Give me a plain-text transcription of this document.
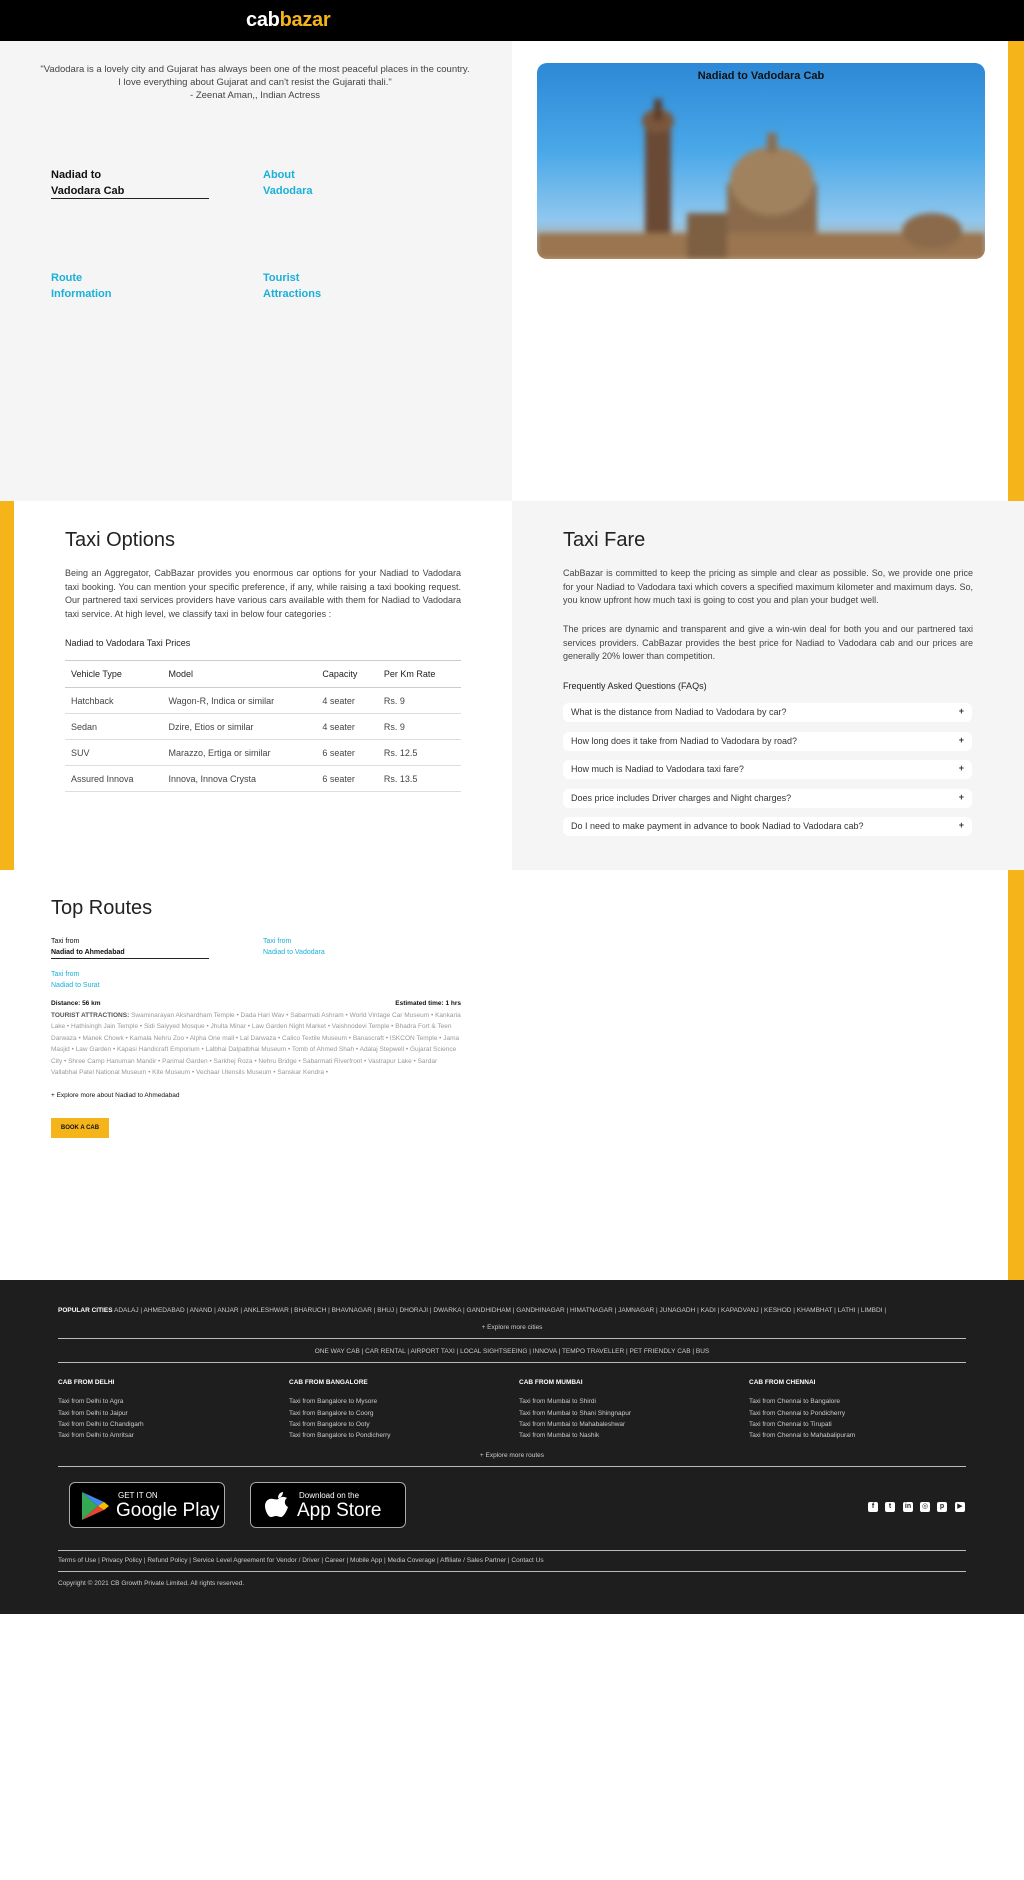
cabbazar
"Vadodara is a lovely city and Gujarat has always been one of the most peaceful places in the country. I love everything about Gujarat and can't resist the Gujarati thali."
- Zeenat Aman,, Indian Actress
Nadiad to
Vadodara Cab
About
Vadodara
Route
Information
Tourist
Attractions
Nadiad to Vadodara Cab
Taxi Options
Being an Aggregator, CabBazar provides you enormous car options for your Nadiad to Vadodara taxi booking. You can mention your specific preference, if any, while raising a taxi booking request. Our partnered taxi services providers have various cars available with them for Nadiad to Vadodara taxi service. At high level, we classify taxi in below four categories :
Nadiad to Vadodara Taxi Prices
Vehicle Type	Model	Capacity	Per Km Rate
Hatchback	Wagon-R, Indica or similar	4 seater	Rs. 9
Sedan	Dzire, Etios or similar	4 seater	Rs. 9
SUV	Marazzo, Ertiga or similar	6 seater	Rs. 12.5
Assured Innova	Innova, Innova Crysta	6 seater	Rs. 13.5
Taxi Fare
CabBazar is committed to keep the pricing as simple and clear as possible. So, we provide one price for your Nadiad to Vadodara taxi which covers a specified maximum kilometer and maximum days. So, you know upfront how much taxi is going to cost you and plan your budget well.
The prices are dynamic and transparent and give a win-win deal for both you and our partnered taxi services providers. CabBazar provides the best price for Nadiad to Vadodara cab and our prices are generally 20% lower than competition.
Frequently Asked Questions (FAQs)
What is the distance from Nadiad to Vadodara by car?	+
How long does it take from Nadiad to Vadodara by road?	+
How much is Nadiad to Vadodara taxi fare?	+
Does price includes Driver charges and Night charges?	+
Do I need to make payment in advance to book Nadiad to Vadodara cab?	+
Top Routes
Taxi from
Nadiad to Ahmedabad
Taxi from
Nadiad to Vadodara
Taxi from
Nadiad to Surat
Distance: 56 km	Estimated time: 1 hrs
TOURIST ATTRACTIONS: Swaminarayan Akshardham Temple • Dada Hari Wav • Sabarmati Ashram • World Vintage Car Museum • Kankaria Lake • Hathisingh Jain Temple • Sidi Saiyyed Mosque • Jhulta Minar • Law Garden Night Market • Vaishnodevi Temple • Bhadra Fort & Teen Darwaza • Manek Chowk • Kamala Nehru Zoo • Alpha One mall • Lal Darwaza • Calico Textile Museum • Banascraft • ISKCON Temple • Jama Masjid • Law Garden • Kapasi Handicraft Emporium • Lalbhai Dalpatbhai Museum • Tomb of Ahmed Shah • Adalaj Stepwell • Gujarat Science City • Shree Camp Hanuman Mandir • Parimal Garden • Sarkhej Roza • Nehru Bridge • Sabarmati Riverfront • Vastrapur Lake • Sardar Vallabhai Patel National Museum • Kite Museum • Vechaar Utensils Museum • Sanskar Kendra •
+ Explore more about Nadiad to Ahmedabad
BOOK A CAB
POPULAR CITIES ADALAJ | AHMEDABAD | ANAND | ANJAR | ANKLESHWAR | BHARUCH | BHAVNAGAR | BHUJ | DHORAJI | DWARKA | GANDHIDHAM | GANDHINAGAR | HIMATNAGAR | JAMNAGAR | JUNAGADH | KADI | KAPADVANJ | KESHOD | KHAMBHAT | LATHI | LIMBDI |
+ Explore more cities
ONE WAY CAB | CAR RENTAL | AIRPORT TAXI | LOCAL SIGHTSEEING | INNOVA | TEMPO TRAVELLER | PET FRIENDLY CAB | BUS
CAB FROM DELHI
Taxi from Delhi to Agra
Taxi from Delhi to Jaipur
Taxi from Delhi to Chandigarh
Taxi from Delhi to Amritsar
CAB FROM BANGALORE
Taxi from Bangalore to Mysore
Taxi from Bangalore to Coorg
Taxi from Bangalore to Ooty
Taxi from Bangalore to Pondicherry
CAB FROM MUMBAI
Taxi from Mumbai to Shirdi
Taxi from Mumbai to Shani Shingnapur
Taxi from Mumbai to Mahabaleshwar
Taxi from Mumbai to Nashik
CAB FROM CHENNAI
Taxi from Chennai to Bangalore
Taxi from Chennai to Pondicherry
Taxi from Chennai to Tirupati
Taxi from Chennai to Mahabalipuram
+ Explore more routes
GET IT ON
Google Play
Download on the
App Store	f	t	in ◎	p	▶
Terms of Use | Privacy Policy | Refund Policy | Service Level Agreement for Vendor / Driver | Career | Mobile App | Media Coverage | Affiliate / Sales Partner | Contact Us
Copyright © 2021 CB Growth Private Limited. All rights reserved.
